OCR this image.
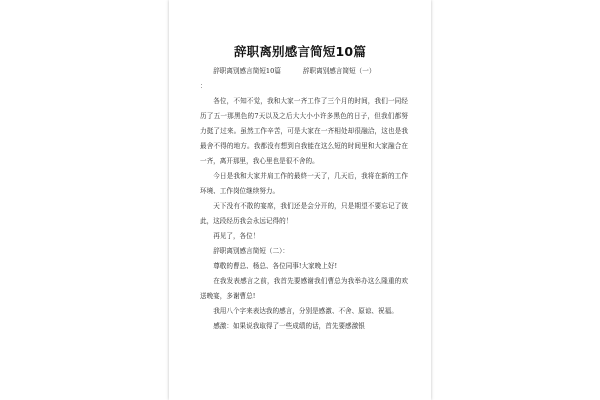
辞职离别感言简短10篇
辞职离别感言简短10篇	辞职离别感言简短（一）

：

各位，不知不觉，我和大家一齐工作了三个月的时间，我们一同经历了五一那黑色的7天以及之后大大小小许多黑色的日子，但我们都努力挺了过来。虽然工作辛苦，可是大家在一齐相处却很融洽，这也是我最舍不得的地方。我都没有想到自我能在这么短的时间里和大家融合在一齐，离开那里，我心里也是很不舍的。

今日是我和大家并肩工作的最終一天了，几天后，我将在新的工作环境、工作岗位继续努力。

天下没有不散的宴席，我们还是会分开的，只是期望不要忘记了彼此，这段经历我会永远记得的！

再见了，各位！

辞职离别感言简短（二）：

尊敬的曹总、杨总、各位同事!大家晚上好!

在我发表感言之前，我首先要感谢我们曹总为我举办这么隆重的欢送晚宴，多谢曹总!

我用八个字来表达我的感言，分别是感激、不舍、原谅、祝福。

感激：如果说我取得了一些成绩的话，首先要感激银
